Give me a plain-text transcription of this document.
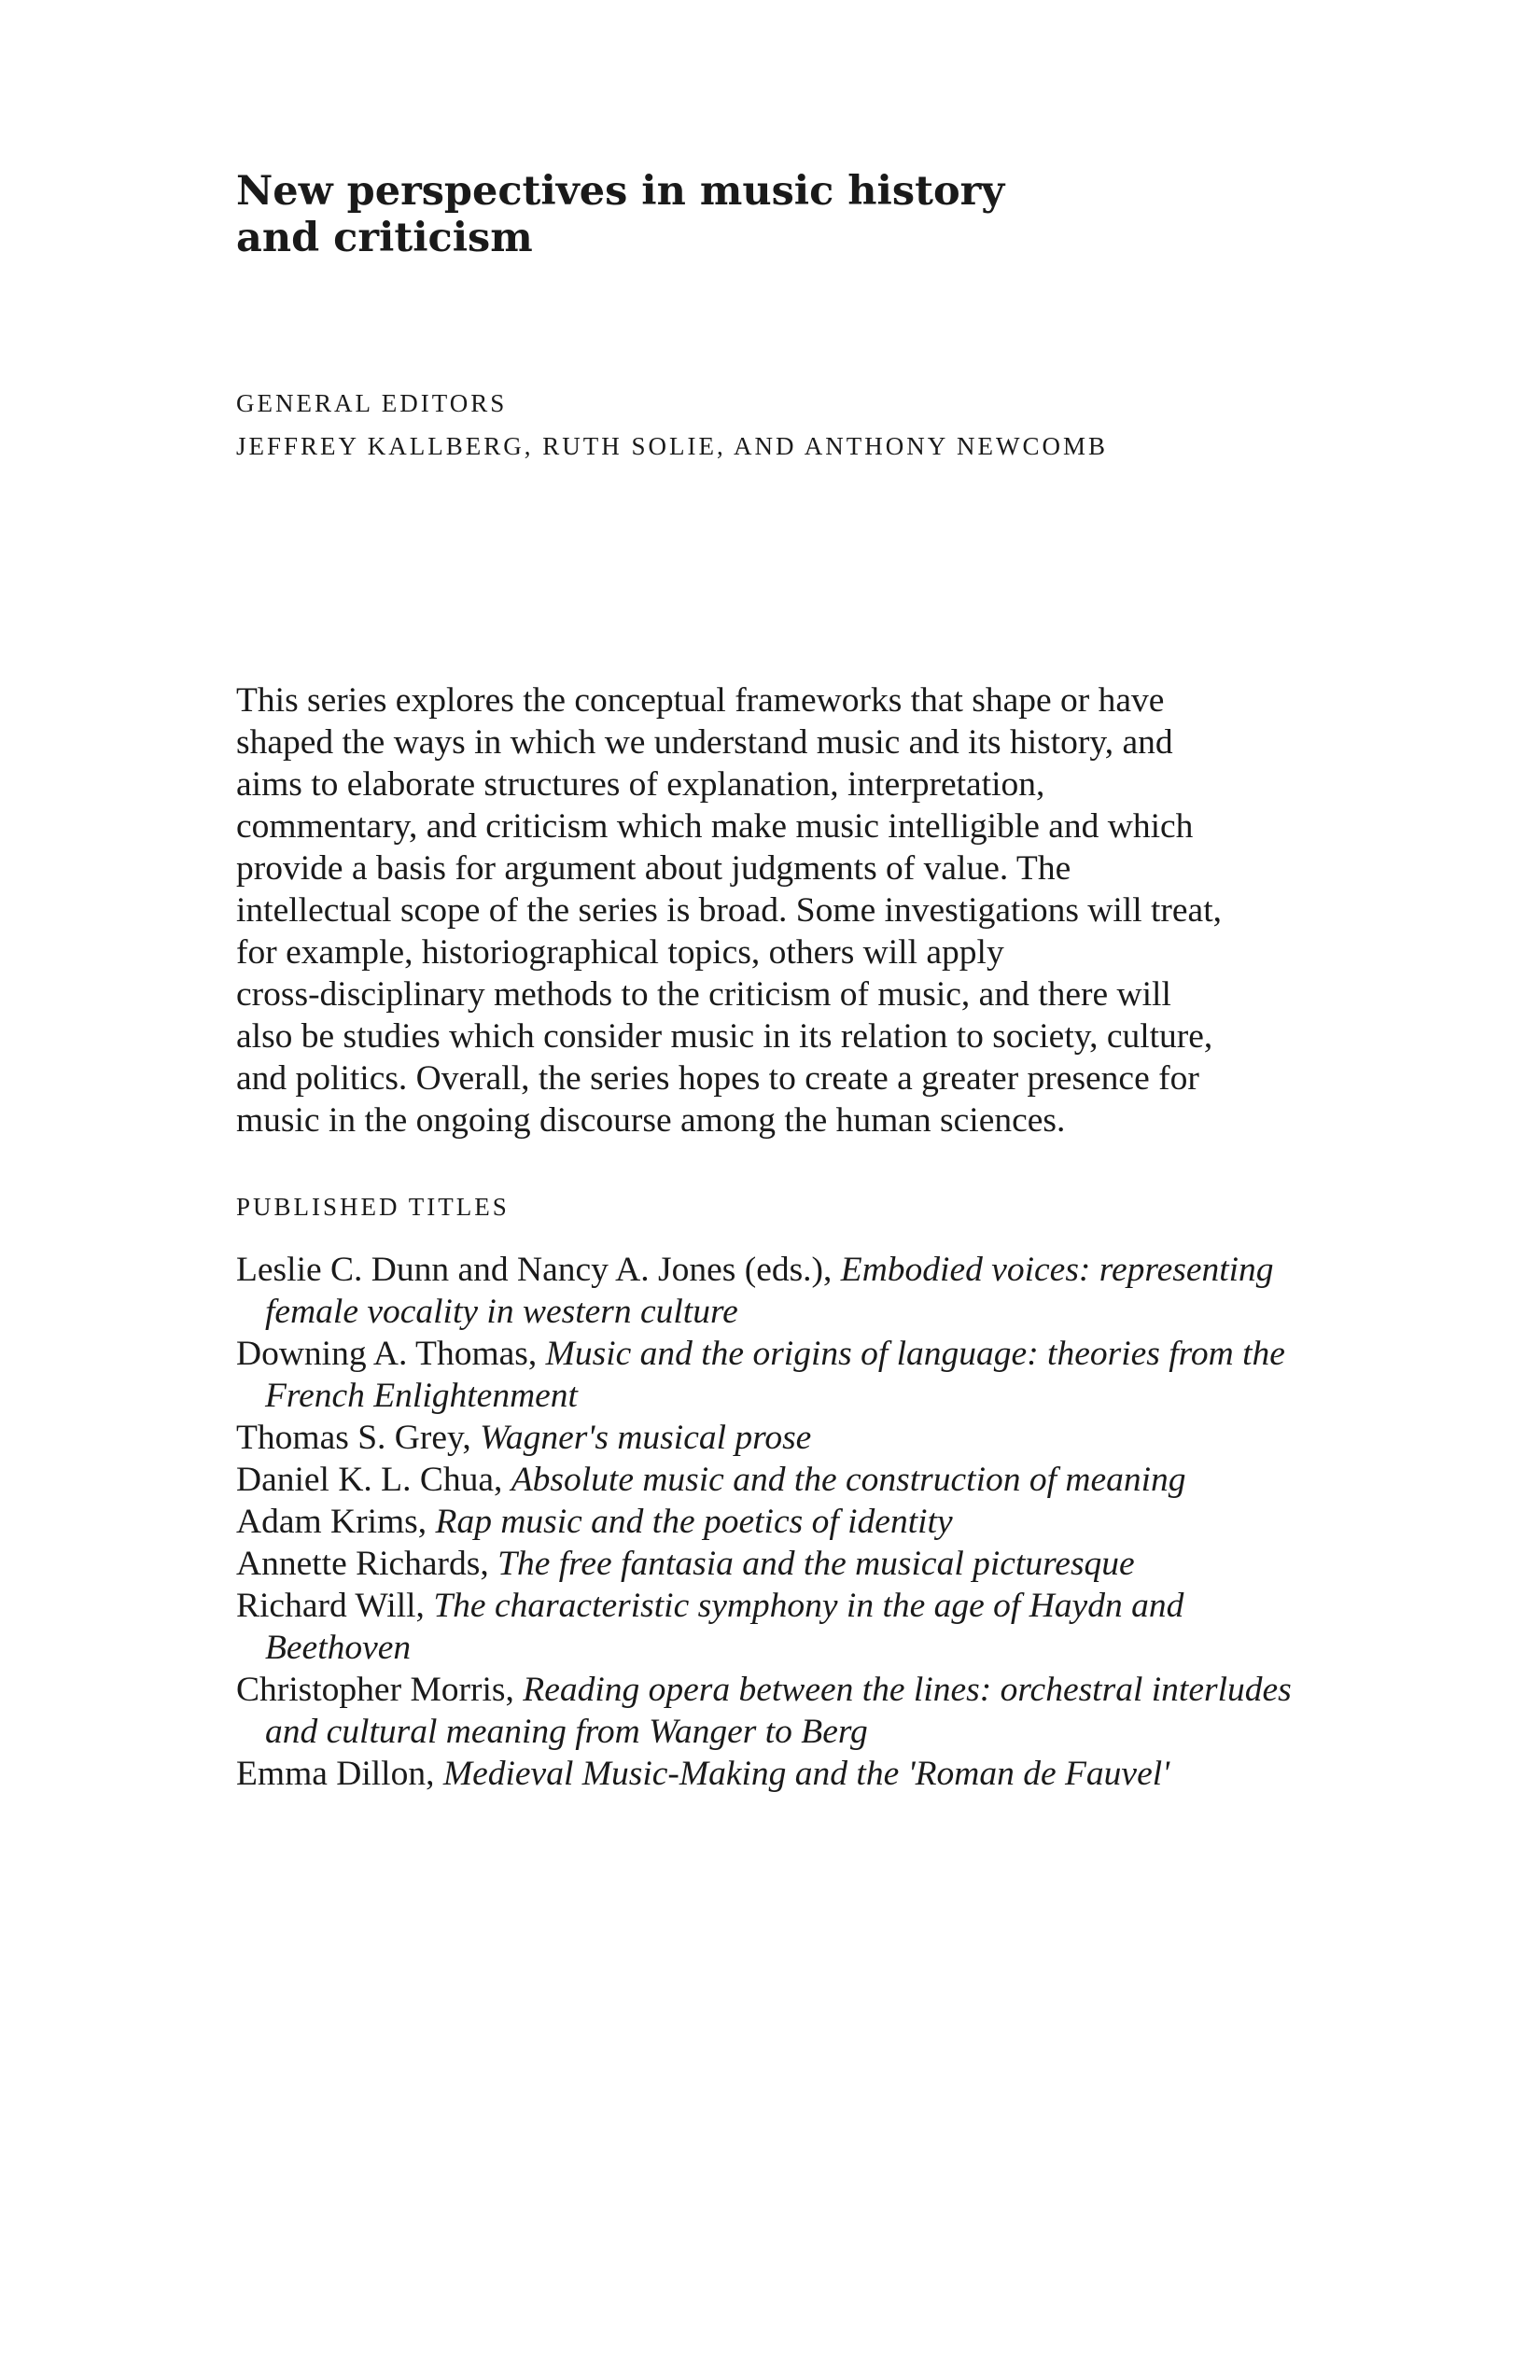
New perspectives in music history
and criticism

GENERAL EDITORS

JEFFREY KALLBERG, RUTH SOLIE, AND ANTHONY NEWCOMB

This series explores the conceptual frameworks that shape or have
shaped the ways in which we understand music and its history, and
aims to elaborate structures of explanation, interpretation,
commentary, and criticism which make music intelligible and which
provide a basis for argument about judgments of value. The
intellectual scope of the series is broad. Some investigations will treat,
for example, historiographical topics, others will apply
cross-disciplinary methods to the criticism of music, and there will
also be studies which consider music in its relation to society, culture,
and politics. Overall, the series hopes to create a greater presence for
music in the ongoing discourse among the human sciences.

PUBLISHED TITLES

Leslie C. Dunn and Nancy A. Jones (eds.), Embodied voices: representing female vocality in western culture
Downing A. Thomas, Music and the origins of language: theories from the French Enlightenment
Thomas S. Grey, Wagner's musical prose
Daniel K. L. Chua, Absolute music and the construction of meaning
Adam Krims, Rap music and the poetics of identity
Annette Richards, The free fantasia and the musical picturesque
Richard Will, The characteristic symphony in the age of Haydn and Beethoven
Christopher Morris, Reading opera between the lines: orchestral interludes and cultural meaning from Wanger to Berg
Emma Dillon, Medieval Music-Making and the 'Roman de Fauvel'
